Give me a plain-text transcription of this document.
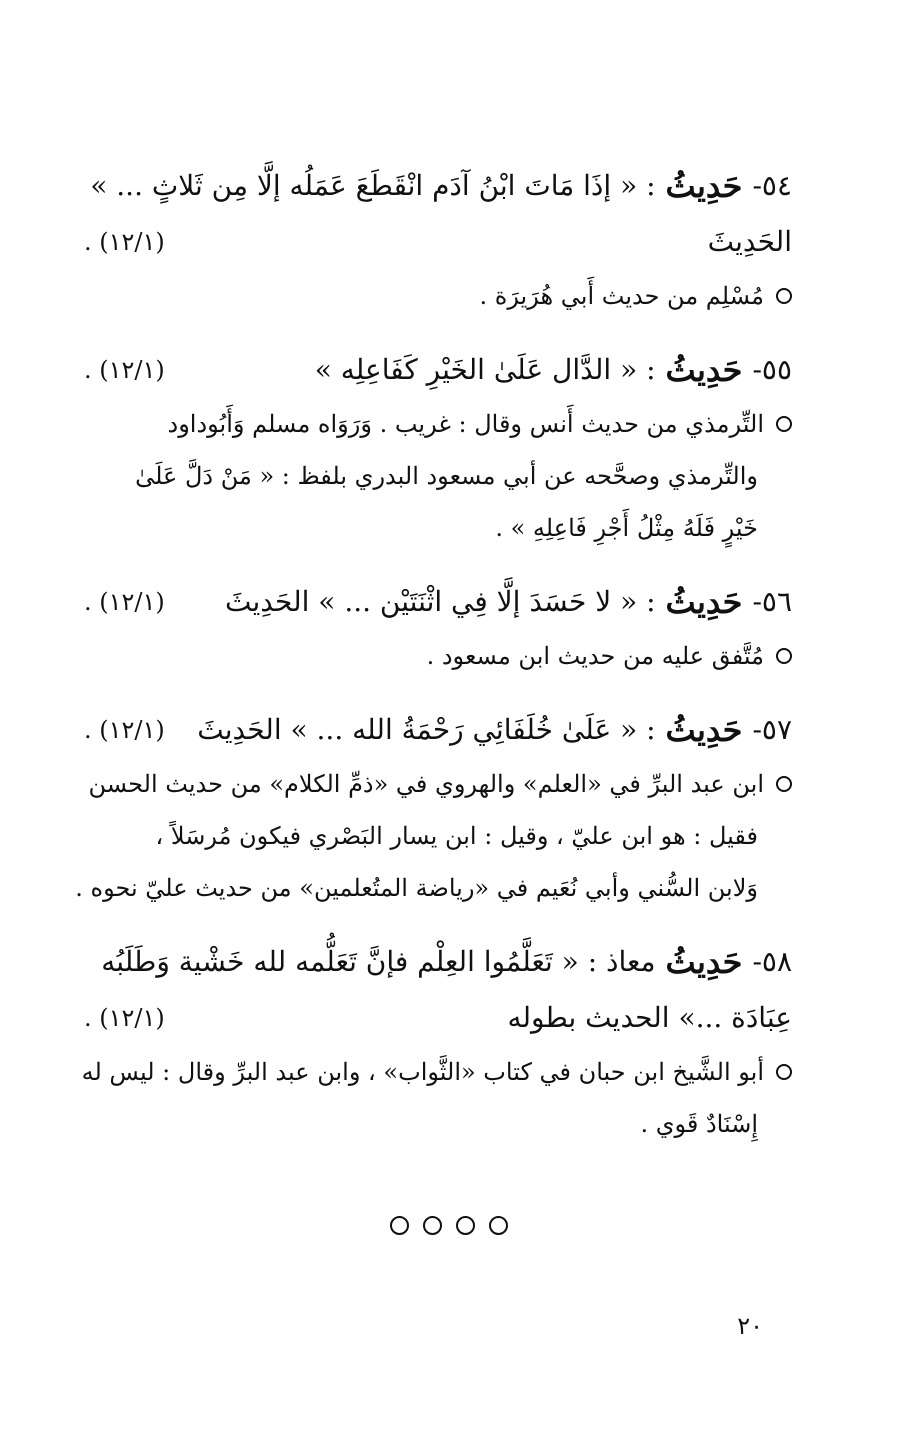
٥٤-
حَدِيثُ
‏: « إذَا مَاتَ ابْنُ آدَم انْقَطَعَ عَمَلُه إلَّا مِن ثَلاثٍ ... »
الحَدِيثَ
(١٢/١) .
مُسْلِم من حديث أَبي هُرَيرَة .
٥٥-
حَدِيثُ
‏: « الدَّال عَلَىٰ الخَيْرِ كَفَاعِلِه »
(١٢/١) .
التِّرمذي من حديث أَنس وقال : غريب . وَرَوَاه مسلم وَأَبُوداود
والتِّرمذي وصحَّحه عن أبي مسعود البدري بلفظ : « مَنْ دَلَّ عَلَىٰ
خَيْرٍ فَلَهُ مِثْلُ أَجْرِ فَاعِلِهِ » .
٥٦-
حَدِيثُ
‏: « لا حَسَدَ إلَّا فِي اثْنَتَيْن ... » الحَدِيثَ
(١٢/١) .
مُتَّفق عليه من حديث ابن مسعود .
٥٧-
حَدِيثُ
‏: « عَلَىٰ خُلَفَائِي رَحْمَةُ الله ... » الحَدِيثَ
(١٢/١) .
ابن عبد البرِّ في «العلم» والهروي في «ذمِّ الكلام» من حديث الحسن
فقيل : هو ابن عليّ ، وقيل : ابن يسار البَصْري فيكون مُرسَلاً ،
وَلابن السُّني وأبي نُعَيم في «رياضة المتُعلمين» من حديث عليّ نحوه .
٥٨-
حَدِيثُ
معاذ : « تَعَلَّمُوا العِلْم فإنَّ تَعَلُّمه لله خَشْية وَطَلَبُه
عِبَادَة ...» الحديث بطوله
(١٢/١) .
أبو الشَّيخ ابن حبان في كتاب «الثَّواب» ، وابن عبد البرِّ وقال : ليس له
إِسْنَادٌ قَوي .
٢٠
